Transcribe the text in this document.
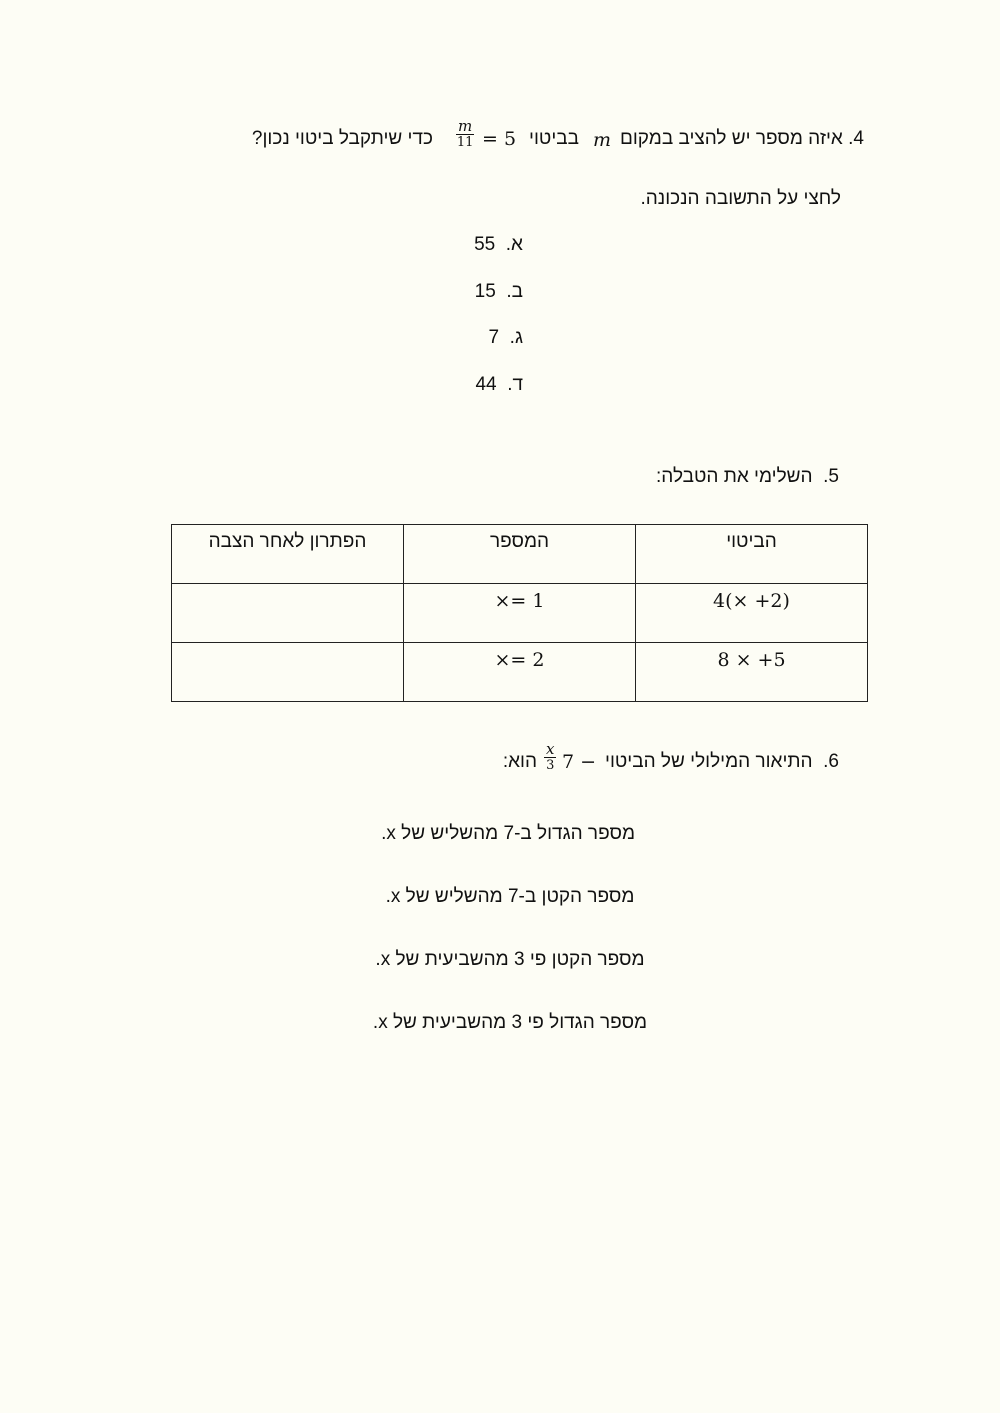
4. איזה מספר יש להציב במקום
m
בביטוי
$\frac{m}{11} = 5$
כדי שיתקבל ביטוי נכון?
לחצי על התשובה הנכונה.
א.  55
ב.  15
ג.  7
ד.  44
5.  השלימי את הטבלה:
הביטוי	המספר	הפתרון לאחר הצבה
4(× +2)	×= 1	
8 × +5	×= 2	
6.  התיאור המילולי של הביטוי
7 −
$\frac{x}{3}$
הוא:
מספר הגדול ב-7 מהשליש של x.
מספר הקטן ב-7 מהשליש של x.
מספר הקטן פי 3 מהשביעית של x.
מספר הגדול פי 3 מהשביעית של x.
